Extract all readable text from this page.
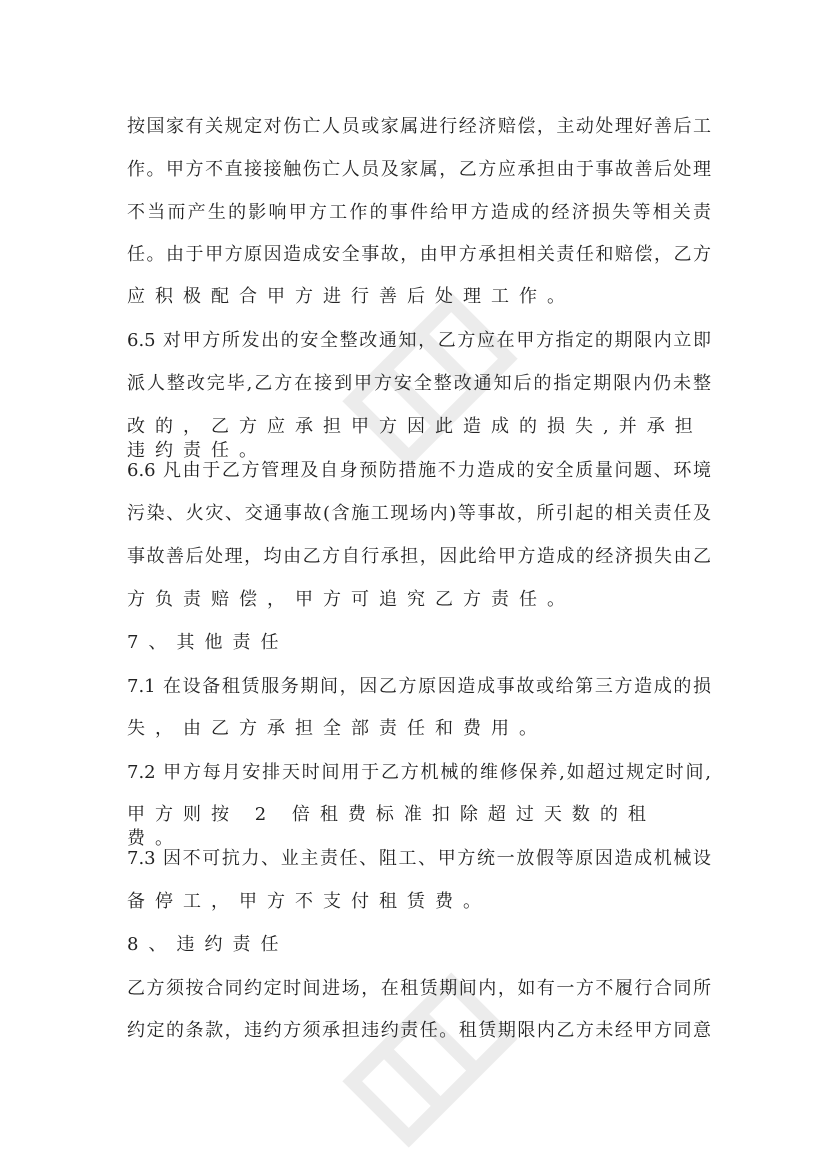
按国家有关规定对伤亡人员或家属进行经济赔偿，主动处理好善后工
作。甲方不直接接触伤亡人员及家属，乙方应承担由于事故善后处理
不当而产生的影响甲方工作的事件给甲方造成的经济损失等相关责
任。由于甲方原因造成安全事故，由甲方承担相关责任和赔偿，乙方
应积极配合甲方进行善后处理工作。
6.5 对甲方所发出的安全整改通知，乙方应在甲方指定的期限内立即
派人整改完毕,乙方在接到甲方安全整改通知后的指定期限内仍未整
改的，乙方应承担甲方因此造成的损失,并承担违约责任。
6.6 凡由于乙方管理及自身预防措施不力造成的安全质量问题、环境
污染、火灾、交通事故(含施工现场内)等事故，所引起的相关责任及
事故善后处理，均由乙方自行承担，因此给甲方造成的经济损失由乙
方负责赔偿，甲方可追究乙方责任。
7、其他责任
7.1 在设备租赁服务期间，因乙方原因造成事故或给第三方造成的损
失，由乙方承担全部责任和费用。
7.2 甲方每月安排天时间用于乙方机械的维修保养,如超过规定时间,
甲方则按 2 倍租费标准扣除超过天数的租费。
7.3 因不可抗力、业主责任、阻工、甲方统一放假等原因造成机械设
备停工，甲方不支付租赁费。
8、违约责任
乙方须按合同约定时间进场，在租赁期间内，如有一方不履行合同所
约定的条款，违约方须承担违约责任。租赁期限内乙方未经甲方同意
